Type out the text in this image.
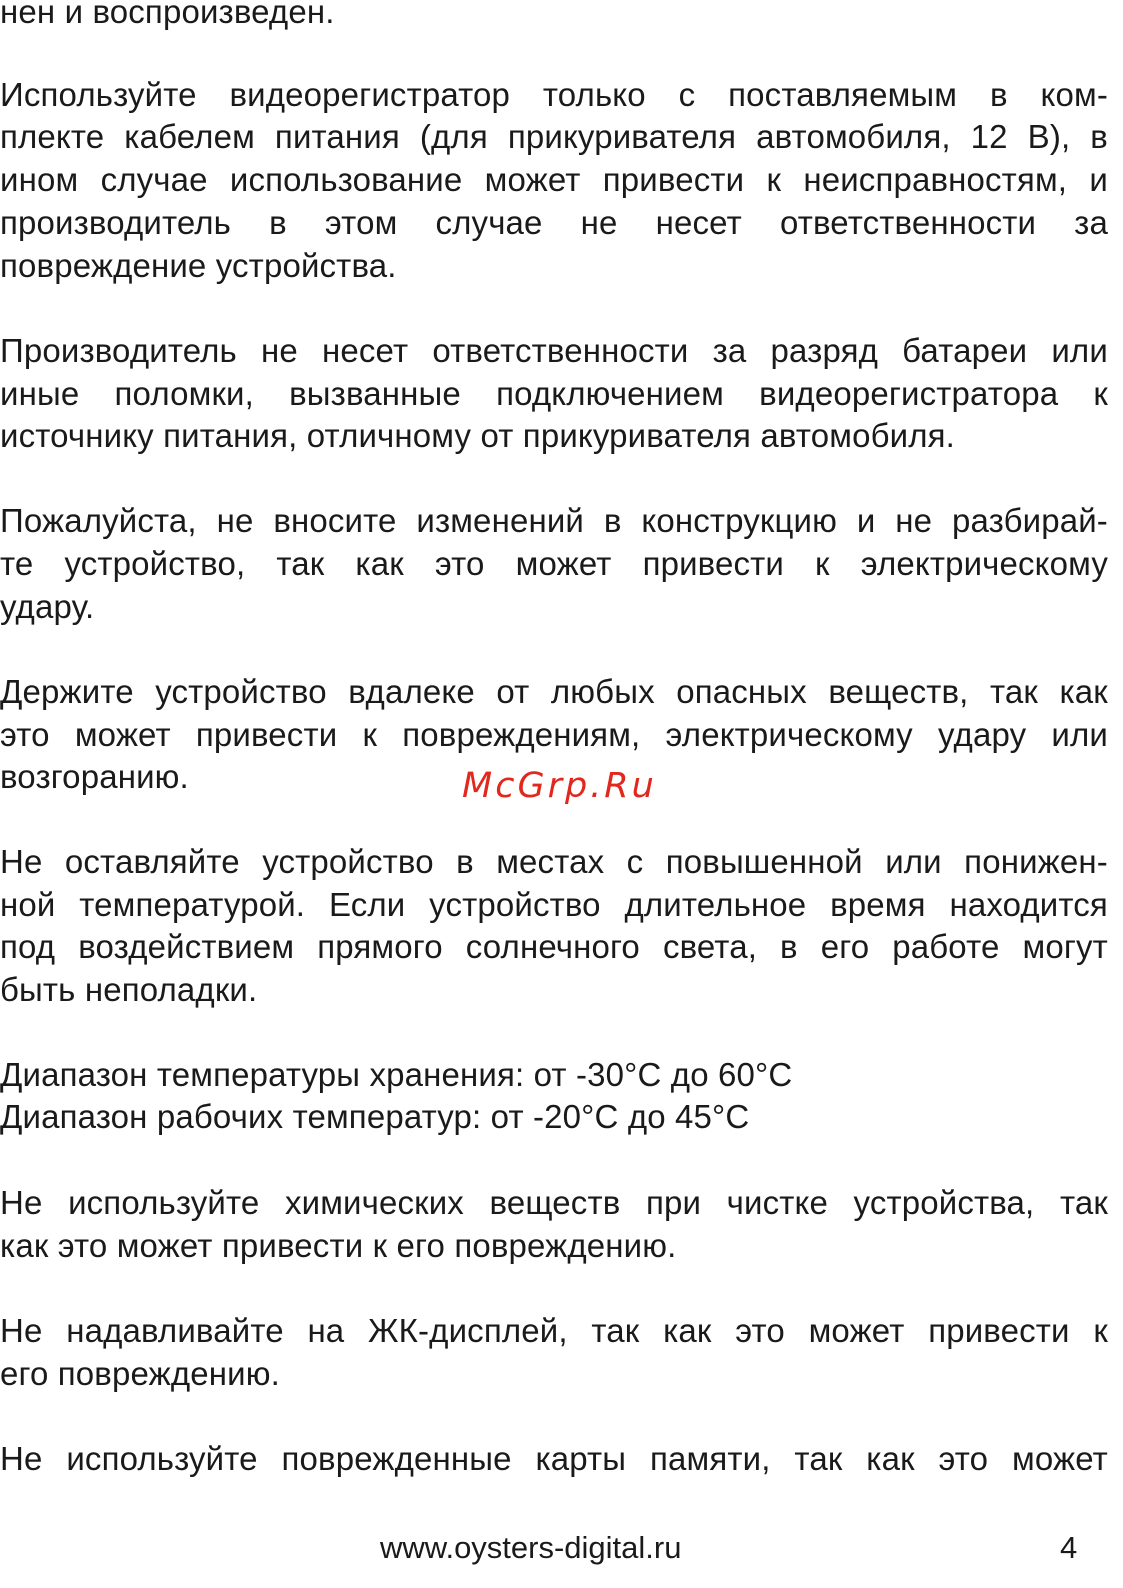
нен и воспроизведен.
Используйте видеорегистратор только с поставляемым в ком-
плекте кабелем питания (для прикуривателя автомобиля, 12 В), в
ином случае использование может привести к неисправностям, и
производитель в этом случае не несет ответственности за
повреждение устройства.
Производитель не несет ответственности за разряд батареи или
иные поломки, вызванные подключением видеорегистратора к
источнику питания, отличному от прикуривателя автомобиля.
Пожалуйста, не вносите изменений в конструкцию и не разбирай-
те устройство, так как это может привести к электрическому
удару.
Держите устройство вдалеке от любых опасных веществ, так как
это может привести к повреждениям, электрическому удару или
возгоранию.
Не оставляйте устройство в местах с повышенной или понижен-
ной температурой. Если устройство длительное время находится
под воздействием прямого солнечного света, в его работе могут
быть неполадки.
Диапазон температуры хранения: от -30°C до 60°C
Диапазон рабочих температур: от -20°C до 45°C
Не используйте химических веществ при чистке устройства, так
как это может привести к его повреждению.
Не надавливайте на ЖК-дисплей, так как это может привести к
его повреждению.
Не используйте поврежденные карты памяти, так как это может
McGrp.Ru
www.oysters-digital.ru	4
